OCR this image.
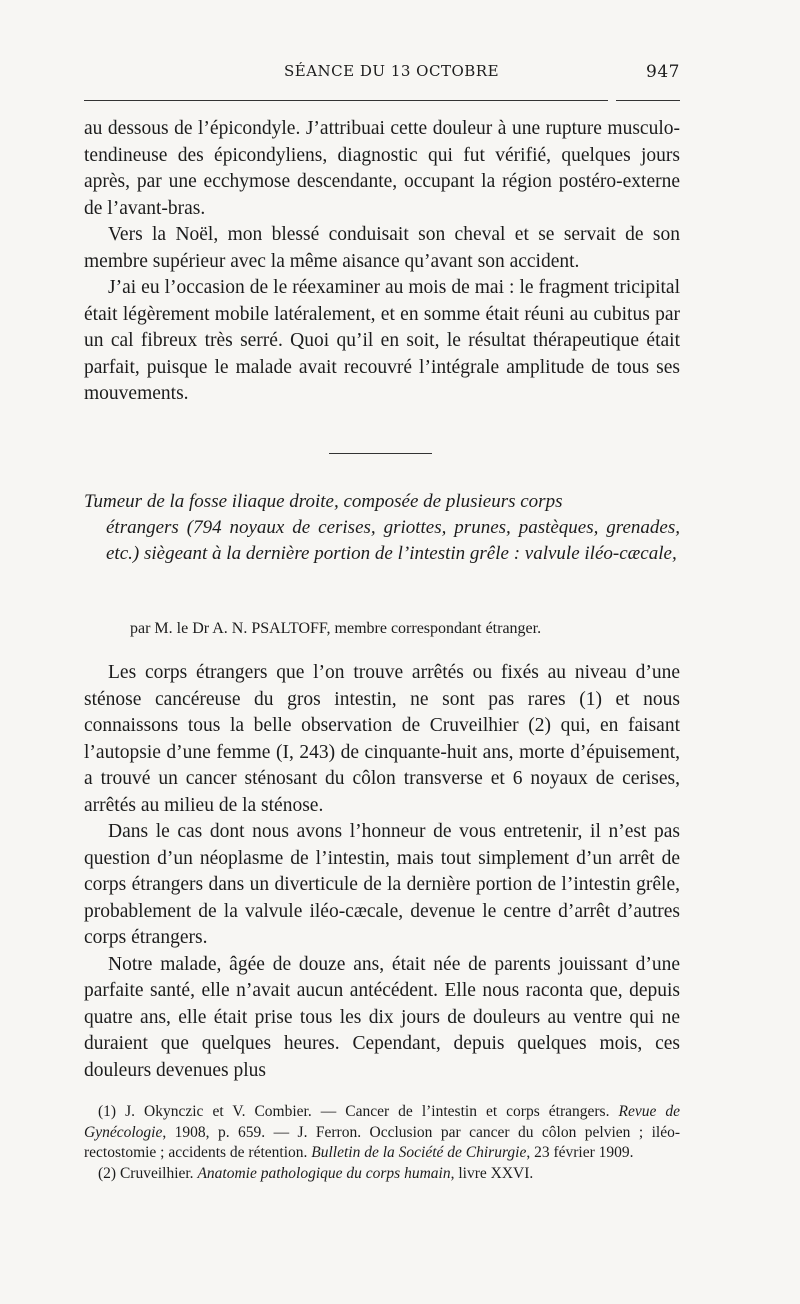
SÉANCE DU 13 OCTOBRE	947

au dessous de l’épicondyle. J’attribuai cette douleur à une rupture musculo-tendineuse des épicondyliens, diagnostic qui fut vérifié, quelques jours après, par une ecchymose descendante, occupant la région postéro-externe de l’avant-bras.

Vers la Noël, mon blessé conduisait son cheval et se servait de son membre supérieur avec la même aisance qu’avant son accident.

J’ai eu l’occasion de le réexaminer au mois de mai : le fragment tricipital était légèrement mobile latéralement, et en somme était réuni au cubitus par un cal fibreux très serré. Quoi qu’il en soit, le résultat thérapeutique était parfait, puisque le malade avait recouvré l’intégrale amplitude de tous ses mouvements.

Tumeur de la fosse iliaque droite, composée de plusieurs corps

étrangers (794 noyaux de cerises, griottes, prunes, pastèques, grenades, etc.) siègeant à la dernière portion de l’intestin grêle : valvule iléo-cæcale,

par M. le Dr A. N. PSALTOFF, membre correspondant étranger.

Les corps étrangers que l’on trouve arrêtés ou fixés au niveau d’une sténose cancéreuse du gros intestin, ne sont pas rares (1) et nous connaissons tous la belle observation de Cruveilhier (2) qui, en faisant l’autopsie d’une femme (I, 243) de cinquante-huit ans, morte d’épuisement, a trouvé un cancer sténosant du côlon transverse et 6 noyaux de cerises, arrêtés au milieu de la sténose.

Dans le cas dont nous avons l’honneur de vous entretenir, il n’est pas question d’un néoplasme de l’intestin, mais tout simplement d’un arrêt de corps étrangers dans un diverticule de la dernière portion de l’intestin grêle, probablement de la valvule iléo-cæcale, devenue le centre d’arrêt d’autres corps étrangers.

Notre malade, âgée de douze ans, était née de parents jouissant d’une parfaite santé, elle n’avait aucun antécédent. Elle nous raconta que, depuis quatre ans, elle était prise tous les dix jours de douleurs au ventre qui ne duraient que quelques heures. Cependant, depuis quelques mois, ces douleurs devenues plus

(1) J. Okynczic et V. Combier. — Cancer de l’intestin et corps étrangers. Revue de Gynécologie, 1908, p. 659. — J. Ferron. Occlusion par cancer du côlon pelvien ; iléo-rectostomie ; accidents de rétention. Bulletin de la Société de Chirurgie, 23 février 1909.

(2) Cruveilhier. Anatomie pathologique du corps humain, livre XXVI.
